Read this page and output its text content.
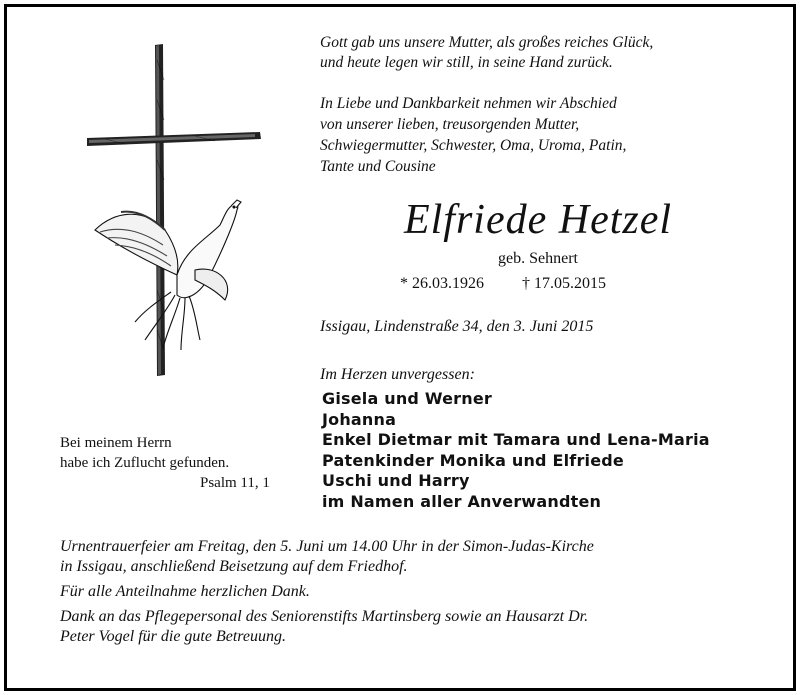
Gott gab uns unsere Mutter, als großes reiches Glück,
und heute legen wir still, in seine Hand zurück.
In Liebe und Dankbarkeit nehmen wir Abschied
von unserer lieben, treusorgenden Mutter,
Schwiegermutter, Schwester, Oma, Uroma, Patin,
Tante und Cousine
Elfriede Hetzel
geb. Sehnert
* 26.03.1926 † 17.05.2015
Issigau, Lindenstraße 34, den 3. Juni 2015
Im Herzen unvergessen:
Gisela und Werner
Johanna
Enkel Dietmar mit Tamara und Lena-Maria
Patenkinder Monika und Elfriede
Uschi und Harry
im Namen aller Anverwandten
Bei meinem Herrn
habe ich Zuflucht gefunden.
Psalm 11, 1
Urnentrauerfeier am Freitag, den 5. Juni um 14.00 Uhr in der Simon-Judas-Kirche
in Issigau, anschließend Beisetzung auf dem Friedhof.
Für alle Anteilnahme herzlichen Dank.
Dank an das Pflegepersonal des Seniorenstifts Martinsberg sowie an Hausarzt Dr.
Peter Vogel für die gute Betreuung.
